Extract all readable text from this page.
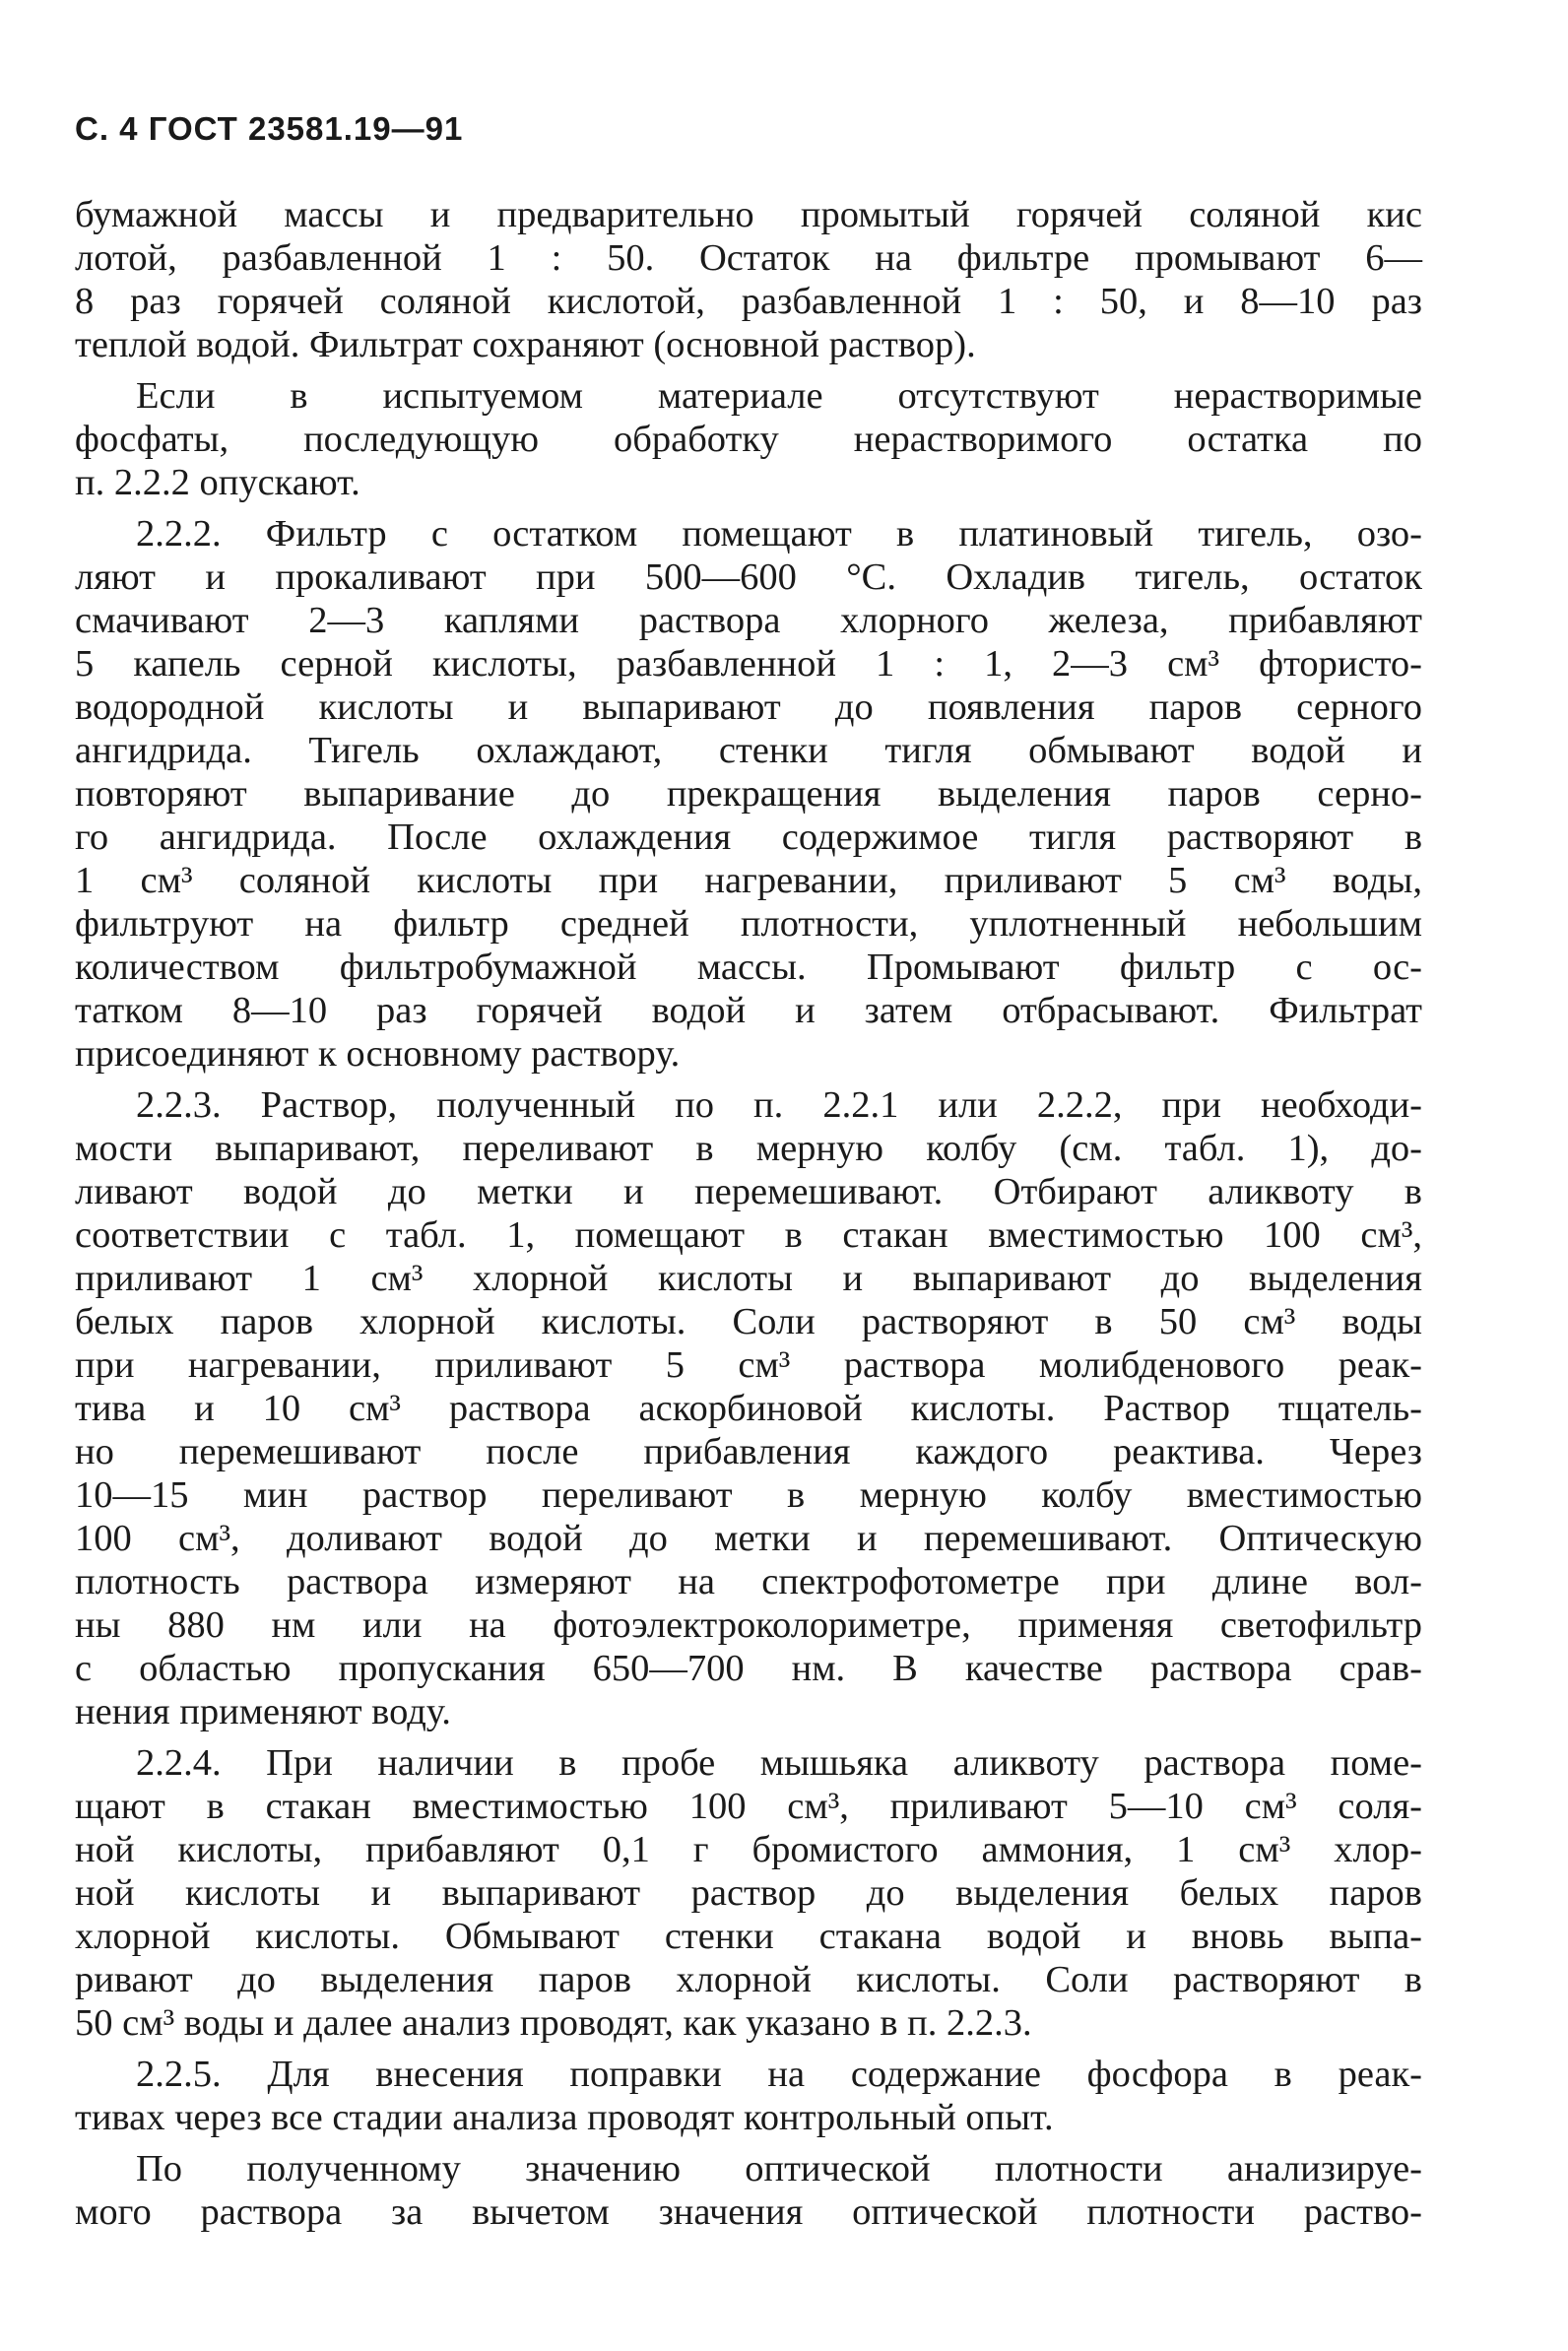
С. 4 ГОСТ 23581.19—91
бумажной массы и предварительно промытый горячей соляной кис
лотой, разбавленной 1 : 50. Остаток на фильтре промывают 6—
8 раз горячей соляной кислотой, разбавленной 1 : 50, и 8—10 раз
теплой водой. Фильтрат сохраняют (основной раствор).
Если в испытуемом материале отсутствуют нерастворимые
фосфаты, последующую обработку нерастворимого остатка по
п. 2.2.2 опускают.
2.2.2. Фильтр с остатком помещают в платиновый тигель, озо-
ляют и прокаливают при 500—600 °С. Охладив тигель, остаток
смачивают 2—3 каплями раствора хлорного железа, прибавляют
5 капель серной кислоты, разбавленной 1 : 1, 2—3 см³ фтористо-
водородной кислоты и выпаривают до появления паров серного
ангидрида. Тигель охлаждают, стенки тигля обмывают водой и
повторяют выпаривание до прекращения выделения паров серно-
го ангидрида. После охлаждения содержимое тигля растворяют в
1 см³ соляной кислоты при нагревании, приливают 5 см³ воды,
фильтруют на фильтр средней плотности, уплотненный небольшим
количеством фильтробумажной массы. Промывают фильтр с ос-
татком 8—10 раз горячей водой и затем отбрасывают. Фильтрат
присоединяют к основному раствору.
2.2.3. Раствор, полученный по п. 2.2.1 или 2.2.2, при необходи-
мости выпаривают, переливают в мерную колбу (см. табл. 1), до-
ливают водой до метки и перемешивают. Отбирают аликвоту в
соответствии с табл. 1, помещают в стакан вместимостью 100 см³,
приливают 1 см³ хлорной кислоты и выпаривают до выделения
белых паров хлорной кислоты. Соли растворяют в 50 см³ воды
при нагревании, приливают 5 см³ раствора молибденового реак-
тива и 10 см³ раствора аскорбиновой кислоты. Раствор тщатель-
но перемешивают после прибавления каждого реактива. Через
10—15 мин раствор переливают в мерную колбу вместимостью
100 см³, доливают водой до метки и перемешивают. Оптическую
плотность раствора измеряют на спектрофотометре при длине вол-
ны 880 нм или на фотоэлектроколориметре, применяя светофильтр
с областью пропускания 650—700 нм. В качестве раствора срав-
нения применяют воду.
2.2.4. При наличии в пробе мышьяка аликвоту раствора поме-
щают в стакан вместимостью 100 см³, приливают 5—10 см³ соля-
ной кислоты, прибавляют 0,1 г бромистого аммония, 1 см³ хлор-
ной кислоты и выпаривают раствор до выделения белых паров
хлорной кислоты. Обмывают стенки стакана водой и вновь выпа-
ривают до выделения паров хлорной кислоты. Соли растворяют в
50 см³ воды и далее анализ проводят, как указано в п. 2.2.3.
2.2.5. Для внесения поправки на содержание фосфора в реак-
тивах через все стадии анализа проводят контрольный опыт.
По полученному значению оптической плотности анализируе-
мого раствора за вычетом значения оптической плотности раство-
